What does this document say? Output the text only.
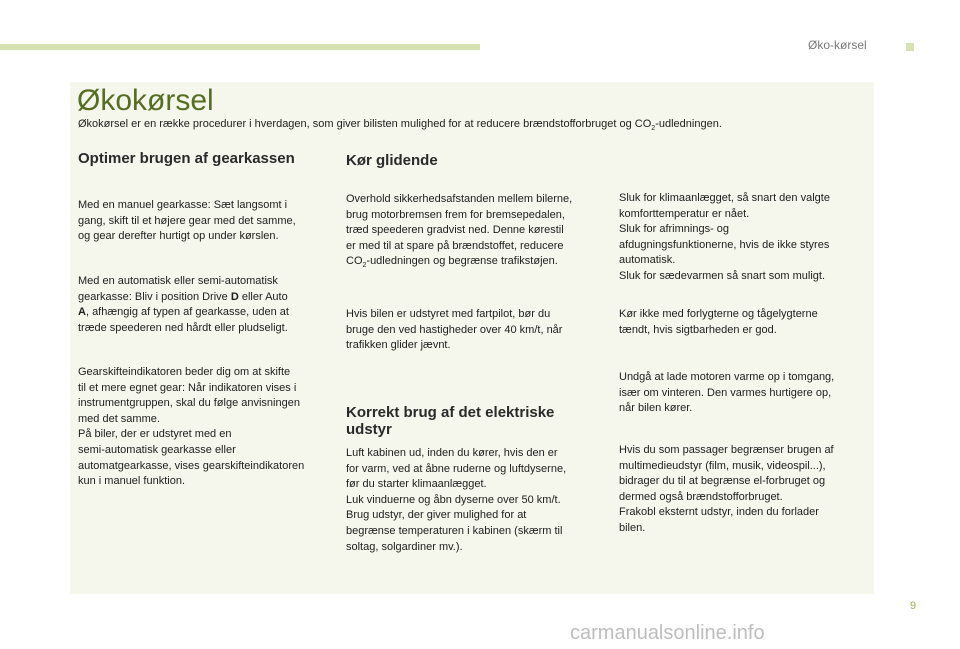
Øko-kørsel
Økokørsel
Økokørsel er en række procedurer i hverdagen, som giver bilisten mulighed for at reducere brændstofforbruget og $CO_2$-udledningen.
Optimer brugen af gearkassen

Med en manuel gearkasse: Sæt langsomt i
gang, skift til et højere gear med det samme,
og gear derefter hurtigt op under kørslen.

Med en automatisk eller semi-automatisk
gearkasse: Bliv i position Drive D eller Auto
A, afhængig af typen af gearkasse, uden at
træde speederen ned hårdt eller pludseligt.

Gearskifteindikatoren beder dig om at skifte
til et mere egnet gear: Når indikatoren vises i
instrumentgruppen, skal du følge anvisningen
med det samme.
På biler, der er udstyret med en
semi-automatisk gearkasse eller
automatgearkasse, vises gearskifteindikatoren
kun i manuel funktion.

Kør glidende

Overhold sikkerhedsafstanden mellem bilerne,
brug motorbremsen frem for bremsepedalen,
træd speederen gradvist ned. Denne kørestil
er med til at spare på brændstoffet, reducere
$CO_2$-udledningen og begrænse trafikstøjen.

Hvis bilen er udstyret med fartpilot, bør du
bruge den ved hastigheder over 40 km/t, når
trafikken glider jævnt.

Korrekt brug af det elektriske
udstyr

Luft kabinen ud, inden du kører, hvis den er
for varm, ved at åbne ruderne og luftdyserne,
før du starter klimaanlægget.
Luk vinduerne og åbn dyserne over 50 km/t.
Brug udstyr, der giver mulighed for at
begrænse temperaturen i kabinen (skærm til
soltag, solgardiner mv.).

Sluk for klimaanlægget, så snart den valgte
komforttemperatur er nået.
Sluk for afrimnings- og
afdugningsfunktionerne, hvis de ikke styres
automatisk.
Sluk for sædevarmen så snart som muligt.

Kør ikke med forlygterne og tågelygterne
tændt, hvis sigtbarheden er god.

Undgå at lade motoren varme op i tomgang,
især om vinteren. Den varmes hurtigere op,
når bilen kører.

Hvis du som passager begrænser brugen af
multimedieudstyr (film, musik, videospil...),
bidrager du til at begrænse el-forbruget og
dermed også brændstofforbruget.
Frakobl eksternt udstyr, inden du forlader
bilen.

9
carmanualsonline.info
